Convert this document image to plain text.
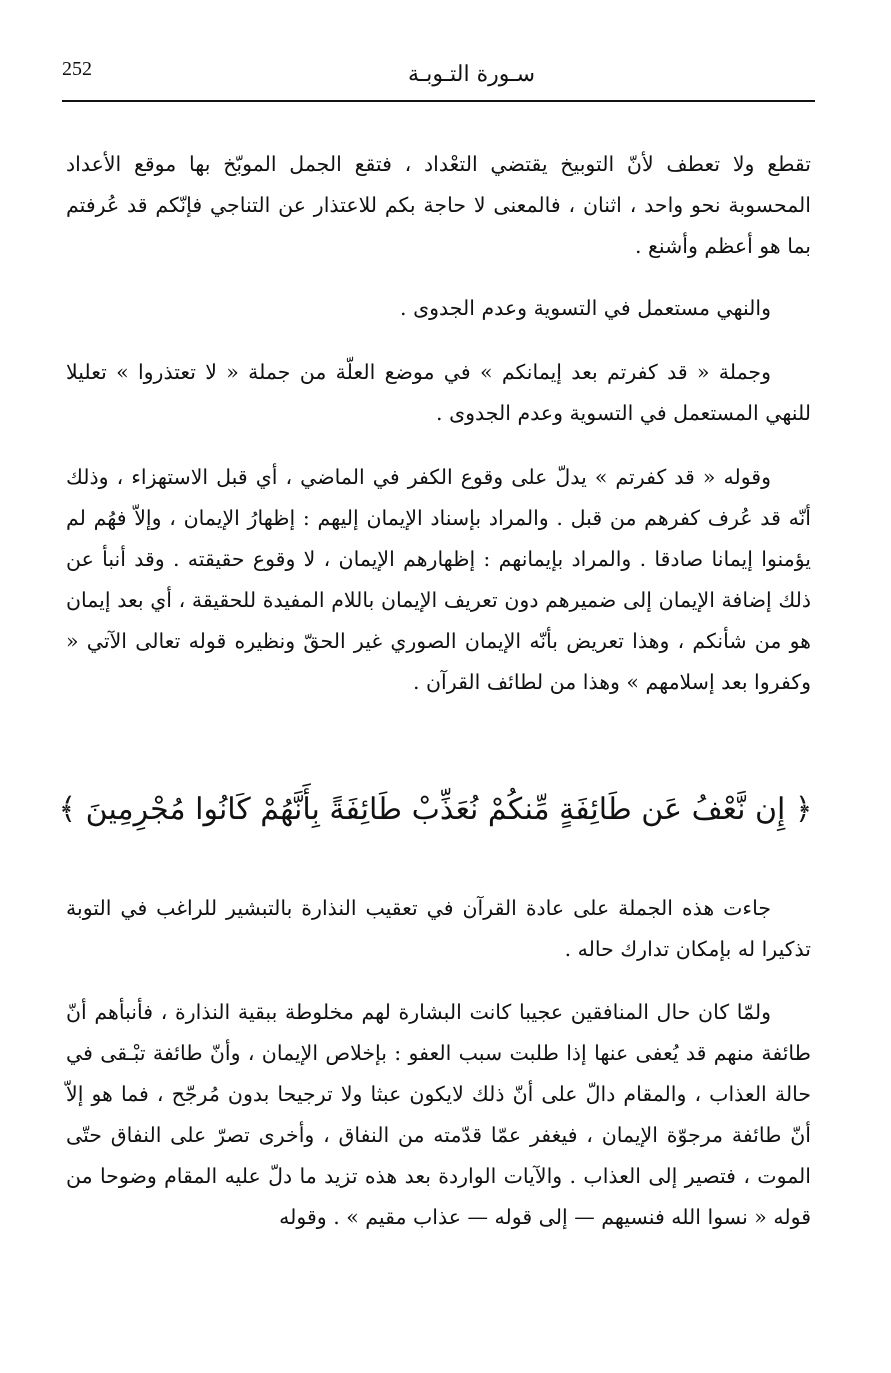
سـورة التـوبـة
252

تقطع ولا تعطف لأنّ التوبيخ يقتضي التعْداد ، فتقع الجمل الموبّخ بها موقع الأعداد المحسوبة نحو واحد ، اثنان ، فالمعنى لا حاجة بكم للاعتذار عن التناجي فإنّكم قد عُرفتم بما هو أعظم وأشنع .

والنهي مستعمل في التسوية وعدم الجدوى .

وجملة « قد كفرتم بعد إيمانكم » في موضع العلّة من جملة « لا تعتذروا » تعليلا للنهي المستعمل في التسوية وعدم الجدوى .

وقوله « قد كفرتم » يدلّ على وقوع الكفر في الماضي ، أي قبل الاستهزاء ، وذلك أنّه قد عُرف كفرهم من قبل . والمراد بإسناد الإيمان إليهم : إظهارُ الإيمان ، وإلاّ فهُم لم يؤمنوا إيمانا صادقا . والمراد بإيمانهم : إظهارهم الإيمان ، لا وقوع حقيقته . وقد أنبأ عن ذلك إضافة الإيمان إلى ضميرهم دون تعريف الإيمان باللام المفيدة للحقيقة ، أي بعد إيمان هو من شأنكم ، وهذا تعريض بأنّه الإيمان الصوري غير الحقّ ونظيره قوله تعالى الآتي « وكفروا بعد إسلامهم » وهذا من لطائف القرآن .

﴿ إِن نَّعْفُ عَن طَائِفَةٍ مِّنكُمْ نُعَذِّبْ طَائِفَةً بِأَنَّهُمْ كَانُوا مُجْرِمِينَ ﴾

جاءت هذه الجملة على عادة القرآن في تعقيب النذارة بالتبشير للراغب في التوبة تذكيرا له بإمكان تدارك حاله .

ولمّا كان حال المنافقين عجيبا كانت البشارة لهم مخلوطة ببقية النذارة ، فأنبأهم أنّ طائفة منهم قد يُعفى عنها إذا طلبت سبب العفو : بإخلاص الإيمان ، وأنّ طائفة تبْـقى في حالة العذاب ، والمقام دالّ على أنّ ذلك لايكون عبثا ولا ترجيحا بدون مُرجّح ، فما هو إلاّ أنّ طائفة مرجوّة الإيمان ، فيغفر عمّا قدّمته من النفاق ، وأخرى تصرّ على النفاق حتّى الموت ، فتصير إلى العذاب . والآيات الواردة بعد هذه تزيد ما دلّ عليه المقام وضوحا من قوله « نسوا الله فنسيهم — إلى قوله — عذاب مقيم » . وقوله
